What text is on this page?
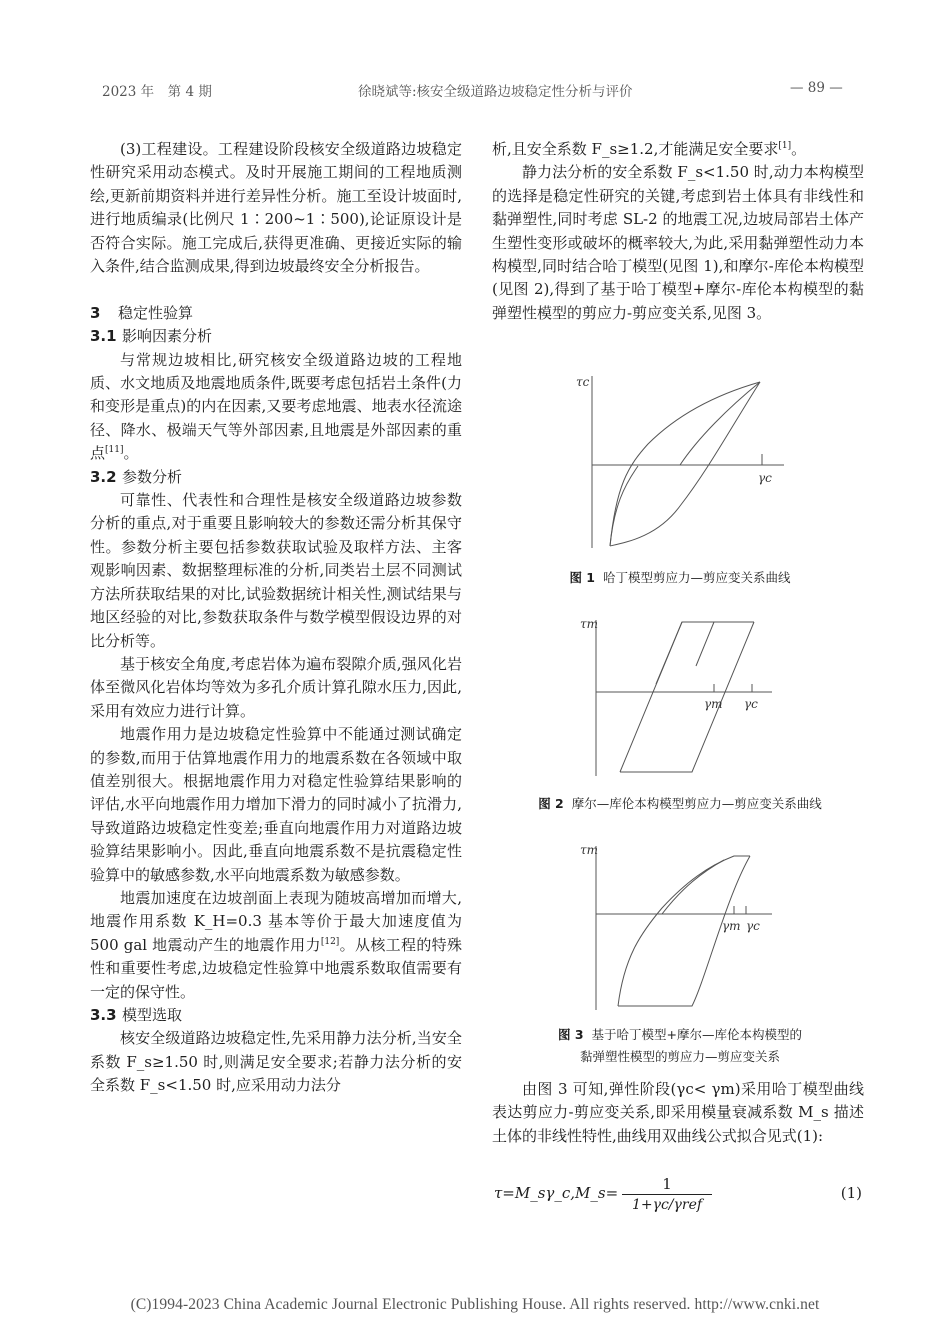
2023 年　第 4 期	徐晓斌等:核安全级道路边坡稳定性分析与评价	— 89 —

(3)工程建设。工程建设阶段核安全级道路边坡稳定性研究采用动态模式。及时开展施工期间的工程地质测绘,更新前期资料并进行差异性分析。施工至设计坡面时,进行地质编录(比例尺 1∶200~1∶500),论证原设计是否符合实际。施工完成后,获得更准确、更接近实际的输入条件,结合监测成果,得到边坡最终安全分析报告。

3 稳定性验算
3.1 影响因素分析

与常规边坡相比,研究核安全级道路边坡的工程地质、水文地质及地震地质条件,既要考虑包括岩土条件(力和变形是重点)的内在因素,又要考虑地震、地表水径流途径、降水、极端天气等外部因素,且地震是外部因素的重点[11]。

3.2 参数分析

可靠性、代表性和合理性是核安全级道路边坡参数分析的重点,对于重要且影响较大的参数还需分析其保守性。参数分析主要包括参数获取试验及取样方法、主客观影响因素、数据整理标准的分析,同类岩土层不同测试方法所获取结果的对比,试验数据统计相关性,测试结果与地区经验的对比,参数获取条件与数学模型假设边界的对比分析等。

基于核安全角度,考虑岩体为遍布裂隙介质,强风化岩体至微风化岩体均等效为多孔介质计算孔隙水压力,因此,采用有效应力进行计算。

地震作用力是边坡稳定性验算中不能通过测试确定的参数,而用于估算地震作用力的地震系数在各领域中取值差别很大。根据地震作用力对稳定性验算结果影响的评估,水平向地震作用力增加下滑力的同时减小了抗滑力,导致道路边坡稳定性变差;垂直向地震作用力对道路边坡验算结果影响小。因此,垂直向地震系数不是抗震稳定性验算中的敏感参数,水平向地震系数为敏感参数。

地震加速度在边坡剖面上表现为随坡高增加而增大,地震作用系数 K_H=0.3 基本等价于最大加速度值为 500 gal 地震动产生的地震作用力[12]。从核工程的特殊性和重要性考虑,边坡稳定性验算中地震系数取值需要有一定的保守性。

3.3 模型选取

核安全级道路边坡稳定性,先采用静力法分析,当安全系数 F_s≥1.50 时,则满足安全要求;若静力法分析的安全系数 F_s<1.50 时,应采用动力法分

析,且安全系数 F_s≥1.2,才能满足安全要求[1]。

静力法分析的安全系数 F_s<1.50 时,动力本构模型的选择是稳定性研究的关键,考虑到岩土体具有非线性和黏弹塑性,同时考虑 SL-2 的地震工况,边坡局部岩土体产生塑性变形或破坏的概率较大,为此,采用黏弹塑性动力本构模型,同时结合哈丁模型(见图 1),和摩尔-库伦本构模型(见图 2),得到了基于哈丁模型+摩尔-库伦本构模型的黏弹塑性模型的剪应力-剪应变关系,见图 3。

τc
γc
图 1 哈丁模型剪应力—剪应变关系曲线
τm
γm γc
图 2 摩尔—库伦本构模型剪应力—剪应变关系曲线
τm
γm γc
图 3 基于哈丁模型+摩尔—库伦本构模型的
黏弹塑性模型的剪应力—剪应变关系

由图 3 可知,弹性阶段(γc< γm)采用哈丁模型曲线表达剪应力-剪应变关系,即采用模量衰减系数 M_s 描述土体的非线性特性,曲线用双曲线公式拟合见式(1):

τ=M_sγ_c,M_s=	1
1+γc/γref
(1)
(C)1994-2023 China Academic Journal Electronic Publishing House. All rights reserved. http://www.cnki.net
